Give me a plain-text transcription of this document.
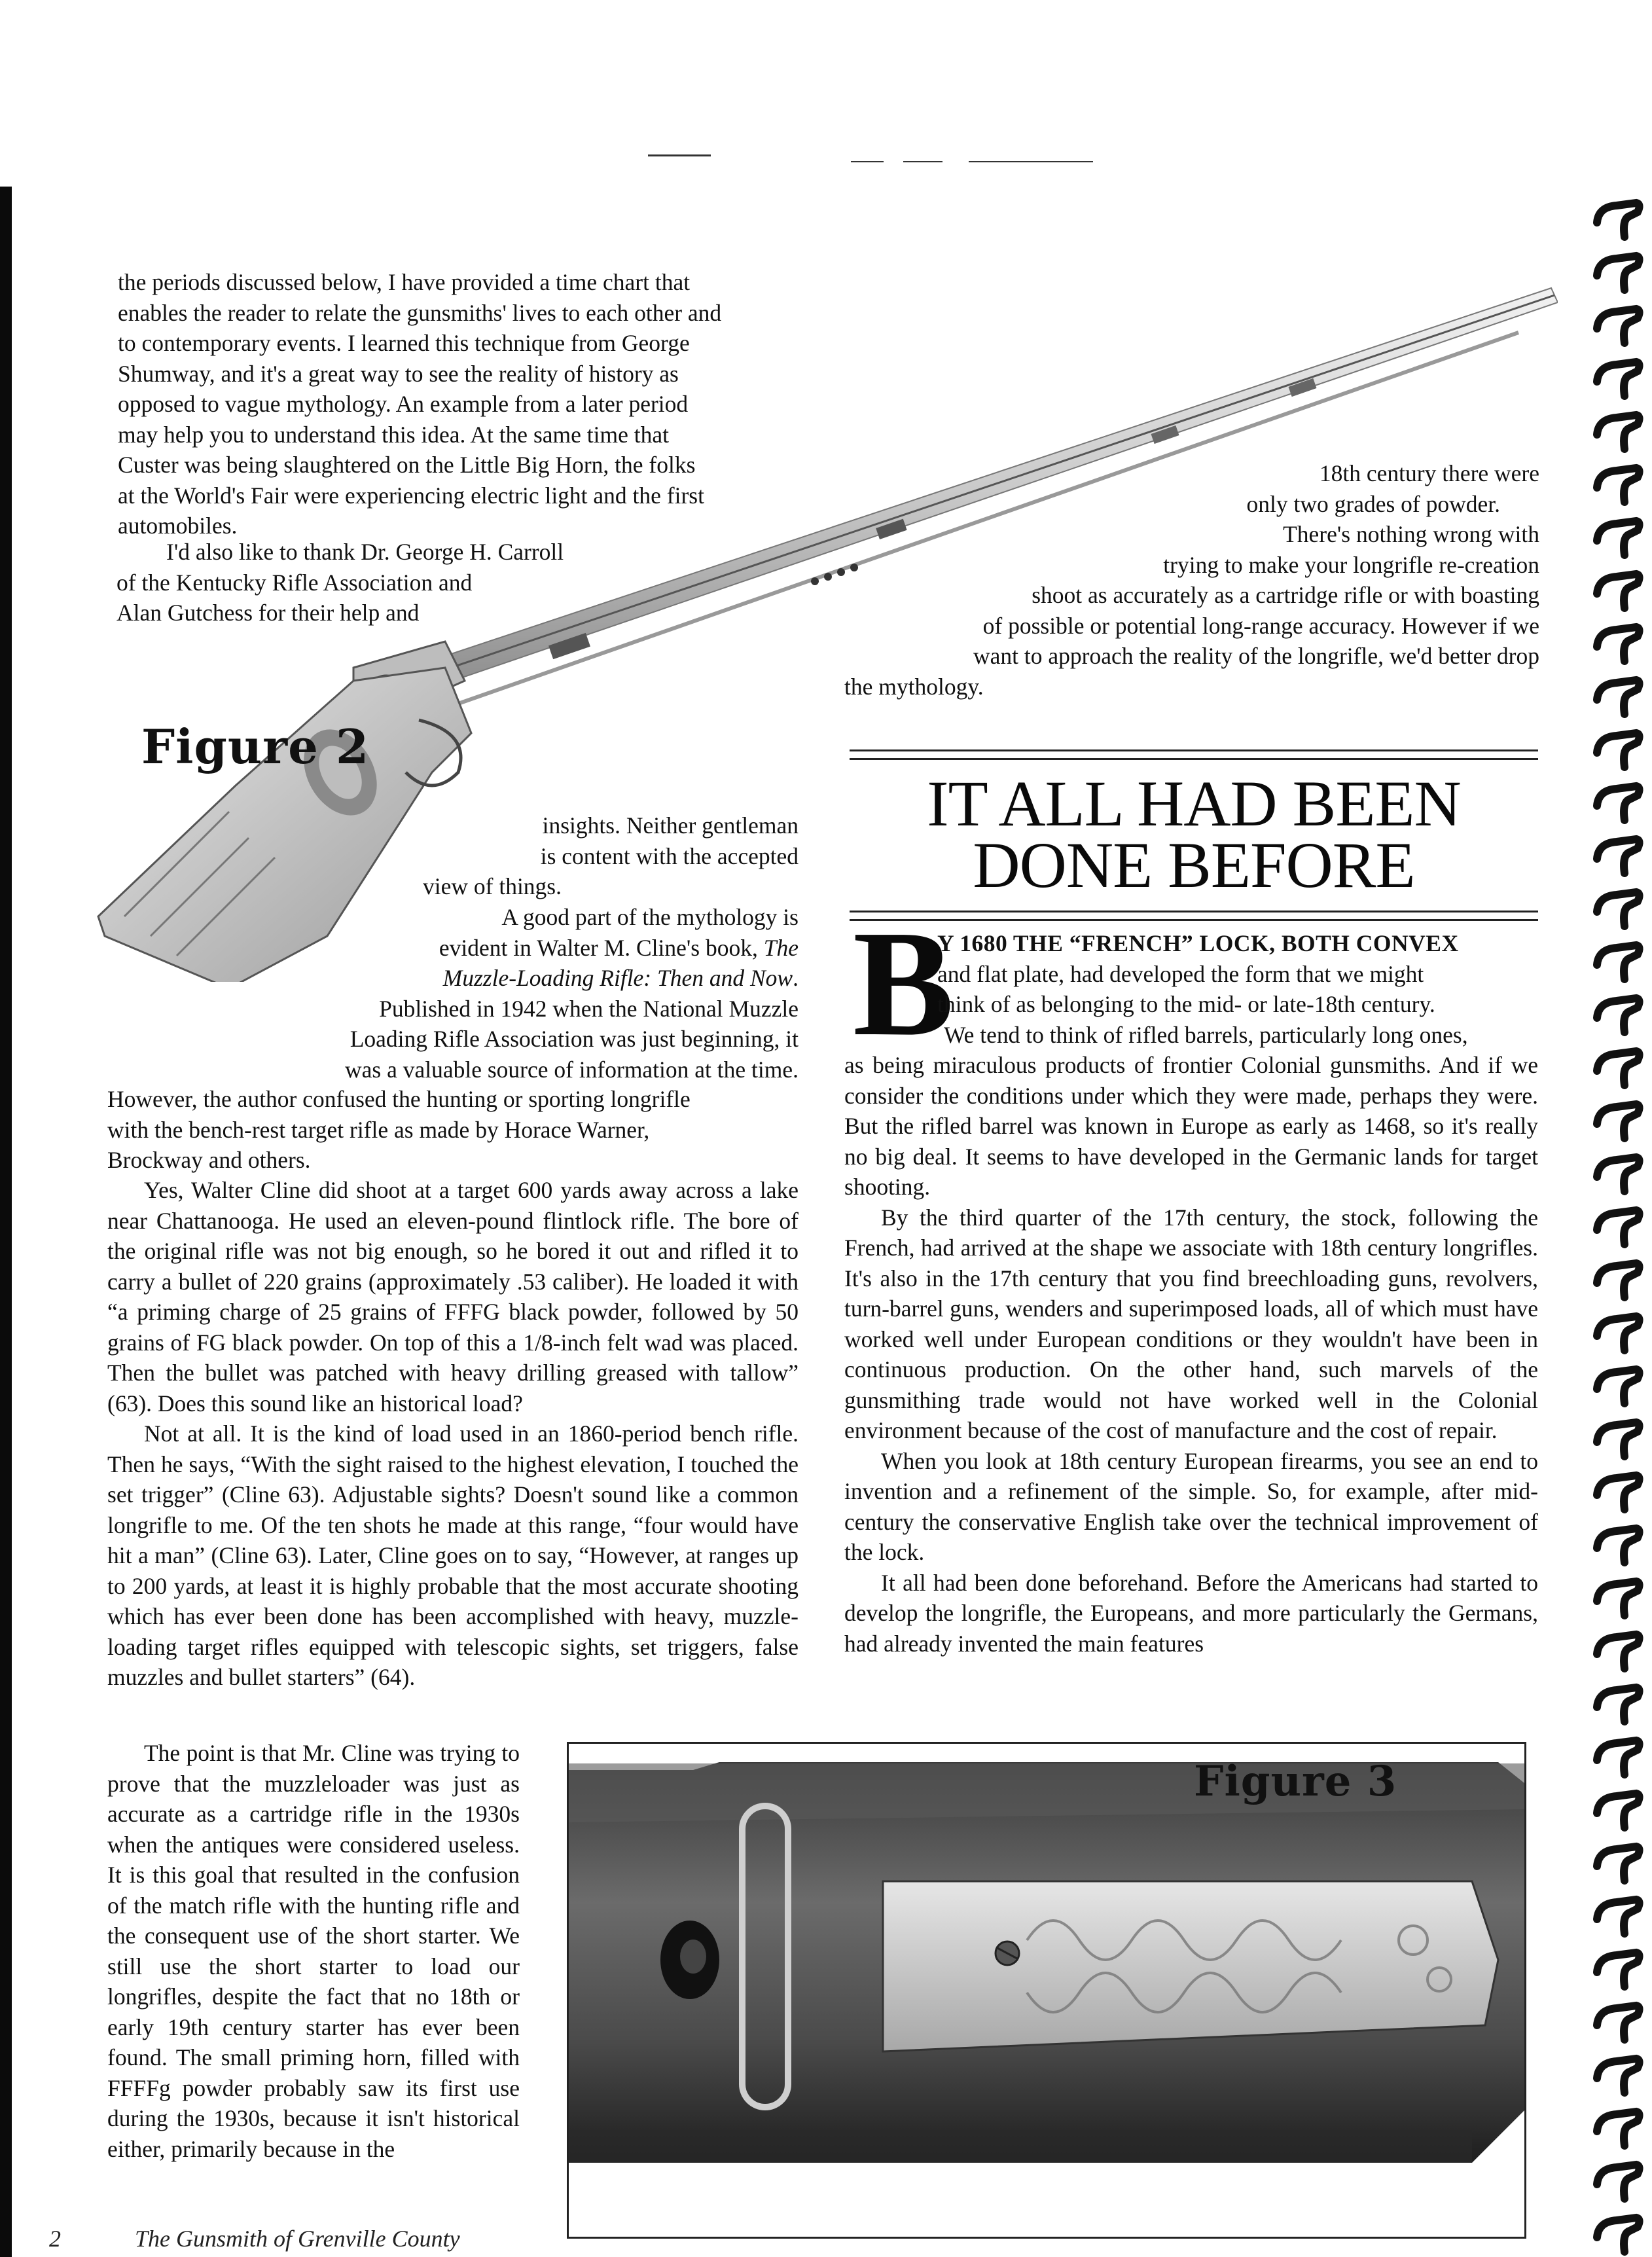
Figure 2
the periods discussed below, I have provided a time chart that
enables the reader to relate the gunsmiths' lives to each other and
to contemporary events. I learned this technique from George
Shumway, and it's a great way to see the reality of history as
opposed to vague mythology. An example from a later period
may help you to understand this idea. At the same time that
Custer was being slaughtered on the Little Big Horn, the folks
at the World's Fair were experiencing electric light and the first
automobiles.
I'd also like to thank Dr. George H. Carroll
of the Kentucky Rifle Association and
Alan Gutchess for their help and
insights. Neither gentleman
is content with the accepted
view of things.
A good part of the mythology is
evident in Walter M. Cline's book, The
Muzzle-Loading Rifle: Then and Now.
Published in 1942 when the National Muzzle
Loading Rifle Association was just beginning, it
was a valuable source of information at the time.
However, the author confused the hunting or sporting longrifle
with the bench-rest target rifle as made by Horace Warner,
Brockway and others.

Yes, Walter Cline did shoot at a target 600 yards away across a lake near Chattanooga. He used an eleven-pound flintlock rifle. The bore of the original rifle was not big enough, so he bored it out and rifled it to carry a bullet of 220 grains (approximately .53 caliber). He loaded it with “a priming charge of 25 grains of FFFG black powder, followed by 50 grains of FG black powder. On top of this a 1/8-inch felt wad was placed. Then the bullet was patched with heavy drilling greased with tallow” (63). Does this sound like an historical load?

Not at all. It is the kind of load used in an 1860-period bench rifle. Then he says, “With the sight raised to the highest elevation, I touched the set trigger” (Cline 63). Adjustable sights? Doesn't sound like a common longrifle to me. Of the ten shots he made at this range, “four would have hit a man” (Cline 63). Later, Cline goes on to say, “However, at ranges up to 200 yards, at least it is highly probable that the most accurate shooting which has ever been done has been accomplished with heavy, muzzle-loading target rifles equipped with telescopic sights, set triggers, false muzzles and bullet starters” (64).

The point is that Mr. Cline was trying to prove that the muzzleloader was just as accurate as a cartridge rifle in the 1930s when the antiques were considered useless. It is this goal that resulted in the confusion of the match rifle with the hunting rifle and the consequent use of the short starter. We still use the short starter to load our longrifles, despite the fact that no 18th or early 19th century starter has ever been found. The small priming horn, filled with FFFFg powder probably saw its first use during the 1930s, because it isn't historical either, primarily because in the

18th century there were
only two grades of powder.
There's nothing wrong with
trying to make your longrifle re-creation
shoot as accurately as a cartridge rifle or with boasting
of possible or potential long-range accuracy. However if we
want to approach the reality of the longrifle, we'd better drop
the mythology.
IT ALL HAD BEEN
DONE BEFORE
B
Y 1680 THE “FRENCH” LOCK, BOTH CONVEX
and flat plate, had developed the form that we might
think of as belonging to the mid- or late-18th century.
We tend to think of rifled barrels, particularly long ones,

as being miraculous products of frontier Colonial gunsmiths. And if we consider the conditions under which they were made, perhaps they were. But the rifled barrel was known in Europe as early as 1468, so it's really no big deal. It seems to have developed in the Germanic lands for target shooting.

By the third quarter of the 17th century, the stock, following the French, had arrived at the shape we associate with 18th century longrifles. It's also in the 17th century that you find breechloading guns, revolvers, turn-barrel guns, wenders and superimposed loads, all of which must have worked well under European conditions or they wouldn't have been in continuous production. On the other hand, such marvels of the gunsmithing trade would not have worked well in the Colonial environment because of the cost of manufacture and the cost of repair.

When you look at 18th century European firearms, you see an end to invention and a refinement of the simple. So, for example, after mid-century the conservative English take over the technical improvement of the lock.

It all had been done beforehand. Before the Americans had started to develop the longrifle, the Europeans, and more particularly the Germans, had already invented the main features

Figure 3
2	The Gunsmith of Grenville County
